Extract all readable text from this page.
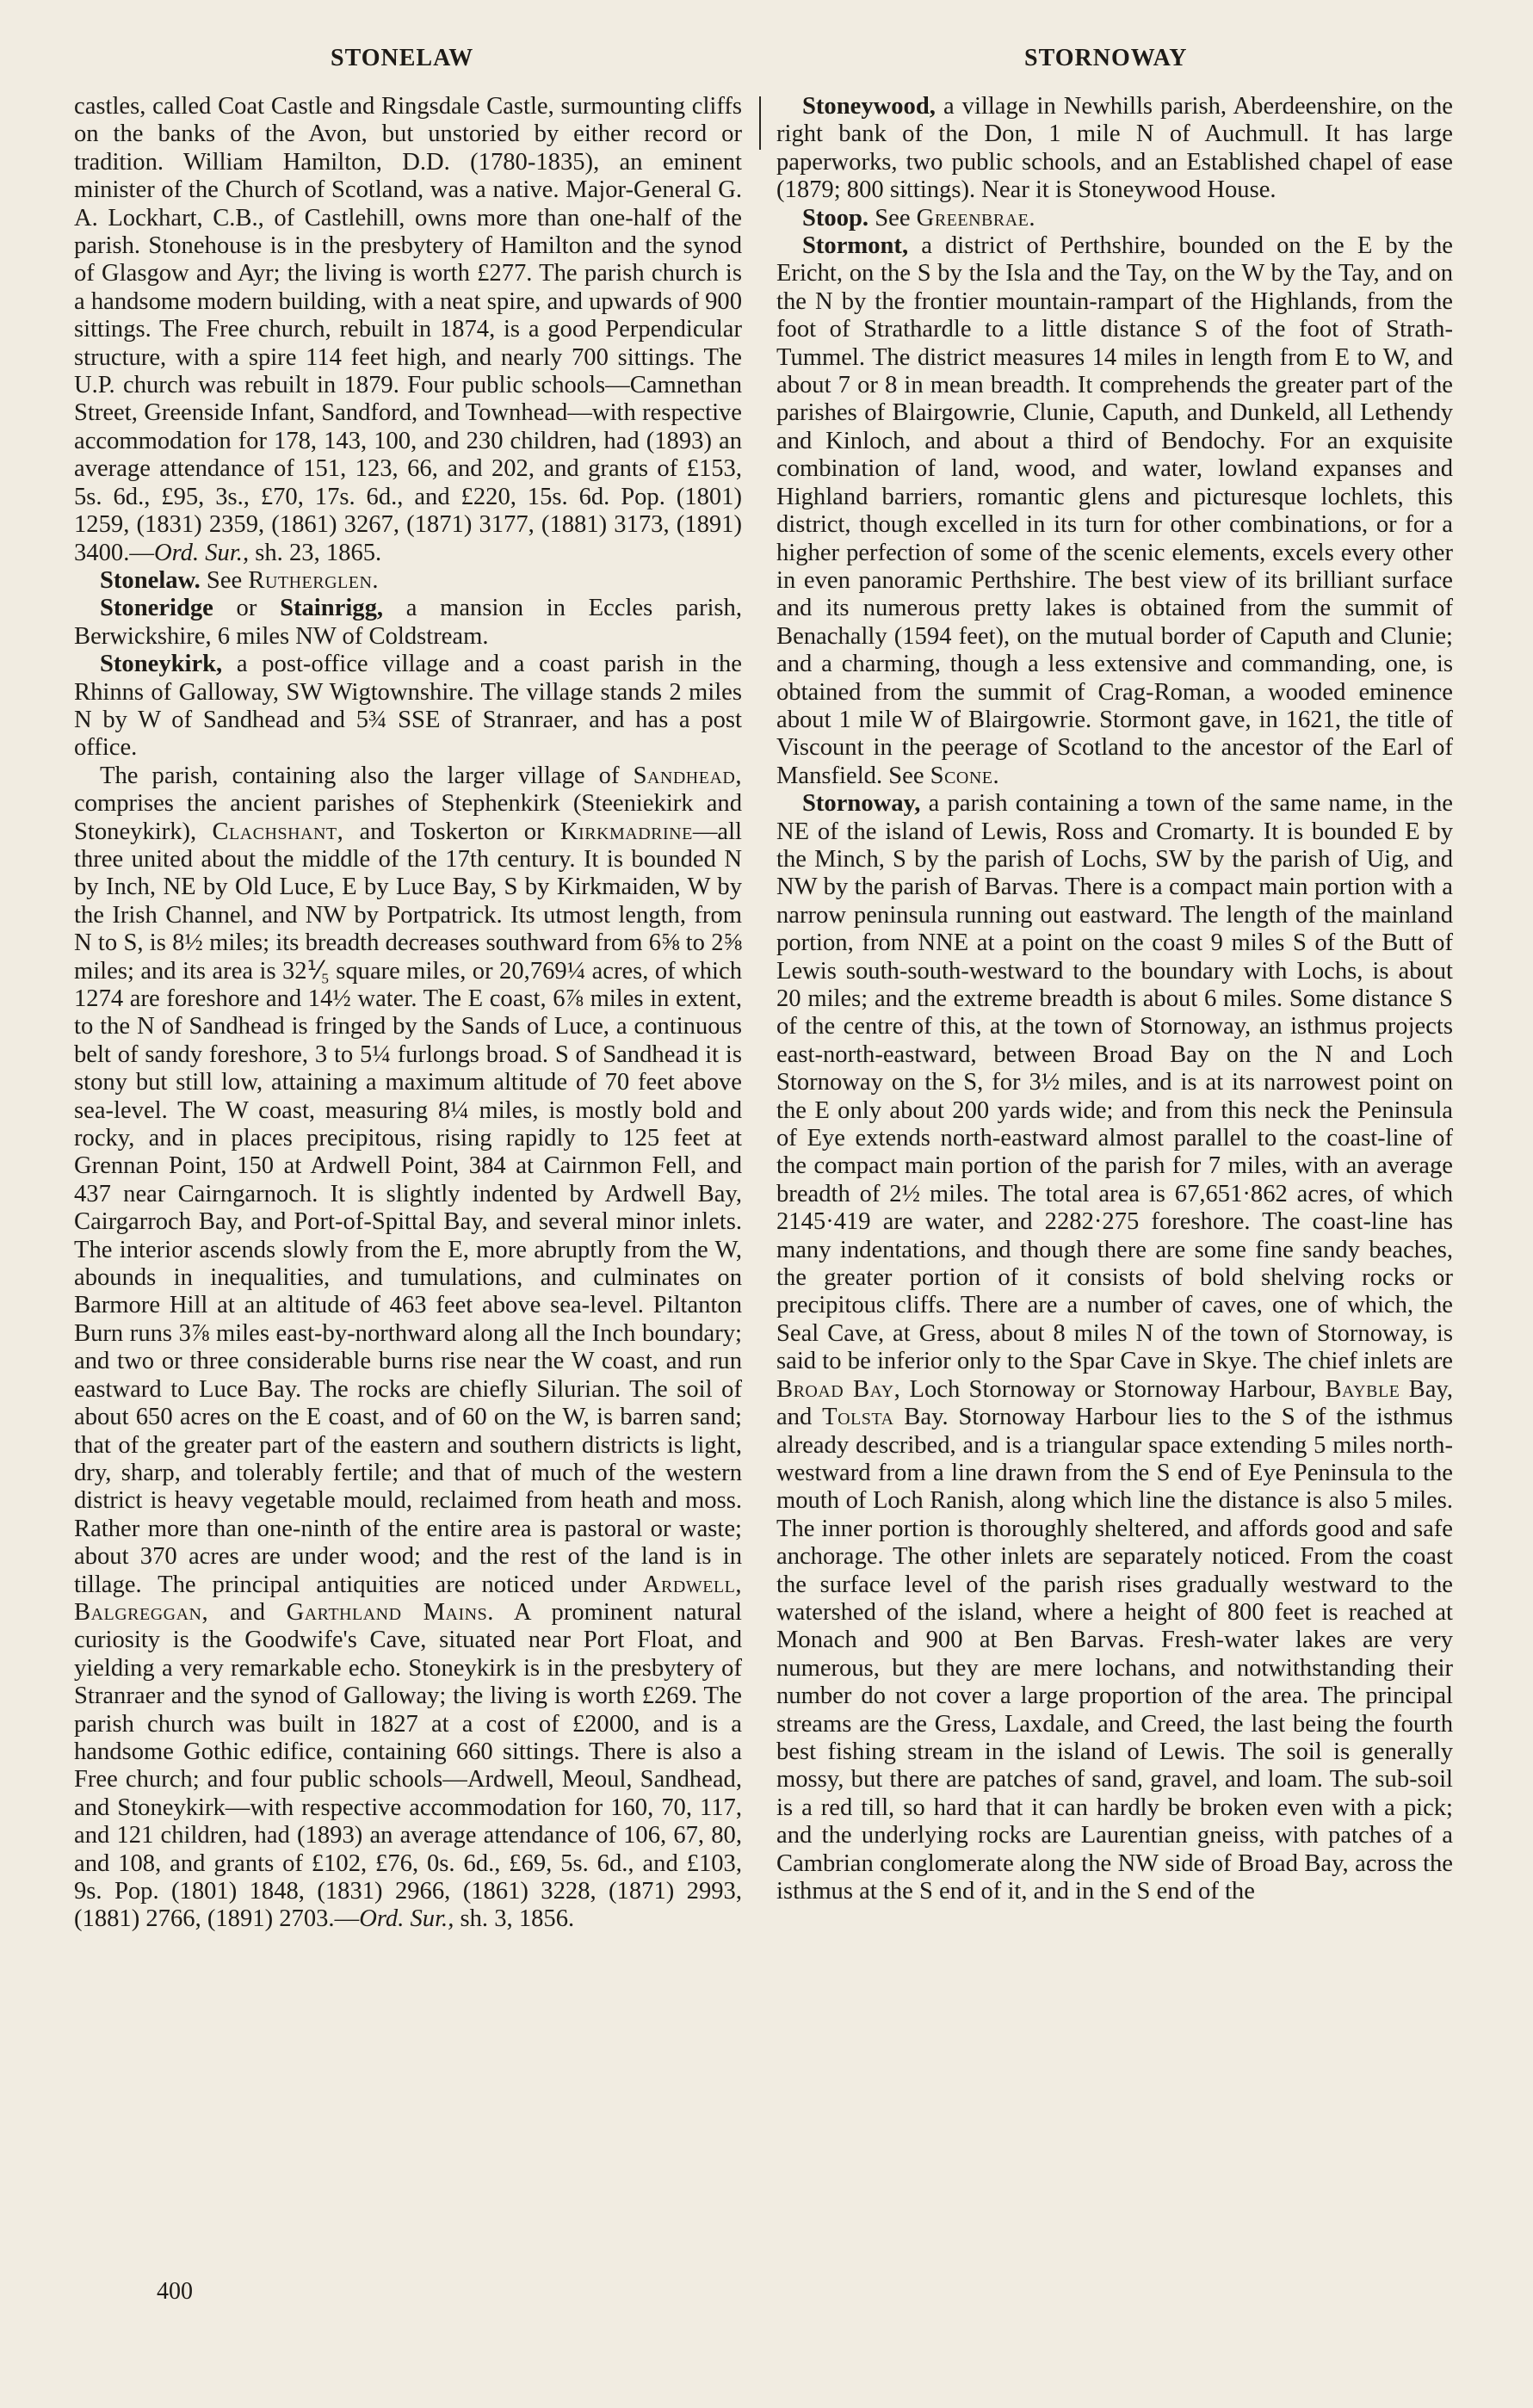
STONELAW	STORNOWAY

castles, called Coat Castle and Ringsdale Castle, surmounting cliffs on the banks of the Avon, but unstoried by either record or tradition. William Hamilton, D.D. (1780-1835), an eminent minister of the Church of Scotland, was a native. Major-General G. A. Lockhart, C.B., of Castlehill, owns more than one-half of the parish. Stonehouse is in the presbytery of Hamilton and the synod of Glasgow and Ayr; the living is worth £277. The parish church is a handsome modern building, with a neat spire, and upwards of 900 sittings. The Free church, rebuilt in 1874, is a good Perpendicular structure, with a spire 114 feet high, and nearly 700 sittings. The U.P. church was rebuilt in 1879. Four public schools—Camnethan Street, Greenside Infant, Sandford, and Townhead—with respective accommodation for 178, 143, 100, and 230 children, had (1893) an average attendance of 151, 123, 66, and 202, and grants of £153, 5s. 6d., £95, 3s., £70, 17s. 6d., and £220, 15s. 6d. Pop. (1801) 1259, (1831) 2359, (1861) 3267, (1871) 3177, (1881) 3173, (1891) 3400.—Ord. Sur., sh. 23, 1865.

Stonelaw. See Rutherglen.

Stoneridge or Stainrigg, a mansion in Eccles parish, Berwickshire, 6 miles NW of Coldstream.

Stoneykirk, a post-office village and a coast parish in the Rhinns of Galloway, SW Wigtownshire. The village stands 2 miles N by W of Sandhead and 5¾ SSE of Stranraer, and has a post office.

The parish, containing also the larger village of Sandhead, comprises the ancient parishes of Stephenkirk (Steeniekirk and Stoneykirk), Clachshant, and Toskerton or Kirkmadrine—all three united about the middle of the 17th century. It is bounded N by Inch, NE by Old Luce, E by Luce Bay, S by Kirkmaiden, W by the Irish Channel, and NW by Portpatrick. Its utmost length, from N to S, is 8½ miles; its breadth decreases southward from 6⅝ to 2⅝ miles; and its area is 32⅟₅ square miles, or 20,769¼ acres, of which 1274 are foreshore and 14½ water. The E coast, 6⅞ miles in extent, to the N of Sandhead is fringed by the Sands of Luce, a continuous belt of sandy foreshore, 3 to 5¼ furlongs broad. S of Sandhead it is stony but still low, attaining a maximum altitude of 70 feet above sea-level. The W coast, measuring 8¼ miles, is mostly bold and rocky, and in places precipitous, rising rapidly to 125 feet at Grennan Point, 150 at Ardwell Point, 384 at Cairnmon Fell, and 437 near Cairngarnoch. It is slightly indented by Ardwell Bay, Cairgarroch Bay, and Port-of-Spittal Bay, and several minor inlets. The interior ascends slowly from the E, more abruptly from the W, abounds in inequalities, and tumulations, and culminates on Barmore Hill at an altitude of 463 feet above sea-level. Piltanton Burn runs 3⅞ miles east-by-northward along all the Inch boundary; and two or three considerable burns rise near the W coast, and run eastward to Luce Bay. The rocks are chiefly Silurian. The soil of about 650 acres on the E coast, and of 60 on the W, is barren sand; that of the greater part of the eastern and southern districts is light, dry, sharp, and tolerably fertile; and that of much of the western district is heavy vegetable mould, reclaimed from heath and moss. Rather more than one-ninth of the entire area is pastoral or waste; about 370 acres are under wood; and the rest of the land is in tillage. The principal antiquities are noticed under Ardwell, Balgreggan, and Garthland Mains. A prominent natural curiosity is the Goodwife's Cave, situated near Port Float, and yielding a very remarkable echo. Stoneykirk is in the presbytery of Stranraer and the synod of Galloway; the living is worth £269. The parish church was built in 1827 at a cost of £2000, and is a handsome Gothic edifice, containing 660 sittings. There is also a Free church; and four public schools—Ardwell, Meoul, Sandhead, and Stoneykirk—with respective accommodation for 160, 70, 117, and 121 children, had (1893) an average attendance of 106, 67, 80, and 108, and grants of £102, £76, 0s. 6d., £69, 5s. 6d., and £103, 9s. Pop. (1801) 1848, (1831) 2966, (1861) 3228, (1871) 2993, (1881) 2766, (1891) 2703.—Ord. Sur., sh. 3, 1856.

400

Stoneywood, a village in Newhills parish, Aberdeenshire, on the right bank of the Don, 1 mile N of Auchmull. It has large paperworks, two public schools, and an Established chapel of ease (1879; 800 sittings). Near it is Stoneywood House.

Stoop. See Greenbrae.

Stormont, a district of Perthshire, bounded on the E by the Ericht, on the S by the Isla and the Tay, on the W by the Tay, and on the N by the frontier mountain-rampart of the Highlands, from the foot of Strathardle to a little distance S of the foot of Strath-Tummel. The district measures 14 miles in length from E to W, and about 7 or 8 in mean breadth. It comprehends the greater part of the parishes of Blairgowrie, Clunie, Caputh, and Dunkeld, all Lethendy and Kinloch, and about a third of Bendochy. For an exquisite combination of land, wood, and water, lowland expanses and Highland barriers, romantic glens and picturesque lochlets, this district, though excelled in its turn for other combinations, or for a higher perfection of some of the scenic elements, excels every other in even panoramic Perthshire. The best view of its brilliant surface and its numerous pretty lakes is obtained from the summit of Benachally (1594 feet), on the mutual border of Caputh and Clunie; and a charming, though a less extensive and commanding, one, is obtained from the summit of Crag-Roman, a wooded eminence about 1 mile W of Blairgowrie. Stormont gave, in 1621, the title of Viscount in the peerage of Scotland to the ancestor of the Earl of Mansfield. See Scone.

Stornoway, a parish containing a town of the same name, in the NE of the island of Lewis, Ross and Cromarty. It is bounded E by the Minch, S by the parish of Lochs, SW by the parish of Uig, and NW by the parish of Barvas. There is a compact main portion with a narrow peninsula running out eastward. The length of the mainland portion, from NNE at a point on the coast 9 miles S of the Butt of Lewis south-south-westward to the boundary with Lochs, is about 20 miles; and the extreme breadth is about 6 miles. Some distance S of the centre of this, at the town of Stornoway, an isthmus projects east-north-eastward, between Broad Bay on the N and Loch Stornoway on the S, for 3½ miles, and is at its narrowest point on the E only about 200 yards wide; and from this neck the Peninsula of Eye extends north-eastward almost parallel to the coast-line of the compact main portion of the parish for 7 miles, with an average breadth of 2½ miles. The total area is 67,651·862 acres, of which 2145·419 are water, and 2282·275 foreshore. The coast-line has many indentations, and though there are some fine sandy beaches, the greater portion of it consists of bold shelving rocks or precipitous cliffs. There are a number of caves, one of which, the Seal Cave, at Gress, about 8 miles N of the town of Stornoway, is said to be inferior only to the Spar Cave in Skye. The chief inlets are Broad Bay, Loch Stornoway or Stornoway Harbour, Bayble Bay, and Tolsta Bay. Stornoway Harbour lies to the S of the isthmus already described, and is a triangular space extending 5 miles north-westward from a line drawn from the S end of Eye Peninsula to the mouth of Loch Ranish, along which line the distance is also 5 miles. The inner portion is thoroughly sheltered, and affords good and safe anchorage. The other inlets are separately noticed. From the coast the surface level of the parish rises gradually westward to the watershed of the island, where a height of 800 feet is reached at Monach and 900 at Ben Barvas. Fresh-water lakes are very numerous, but they are mere lochans, and notwithstanding their number do not cover a large proportion of the area. The principal streams are the Gress, Laxdale, and Creed, the last being the fourth best fishing stream in the island of Lewis. The soil is generally mossy, but there are patches of sand, gravel, and loam. The sub-soil is a red till, so hard that it can hardly be broken even with a pick; and the underlying rocks are Laurentian gneiss, with patches of a Cambrian conglomerate along the NW side of Broad Bay, across the isthmus at the S end of it, and in the S end of the
